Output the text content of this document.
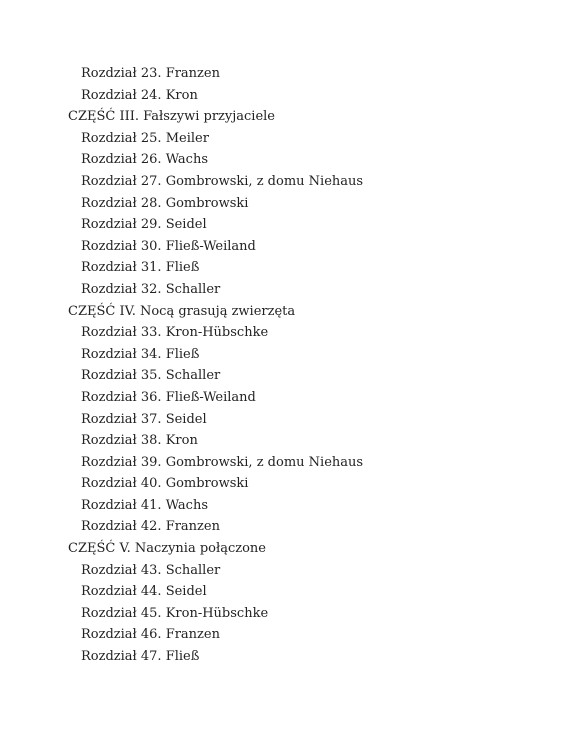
Rozdział 23. Franzen
Rozdział 24. Kron
CZĘŚĆ III. Fałszywi przyjaciele
Rozdział 25. Meiler
Rozdział 26. Wachs
Rozdział 27. Gombrowski, z domu Niehaus
Rozdział 28. Gombrowski
Rozdział 29. Seidel
Rozdział 30. Fließ-Weiland
Rozdział 31. Fließ
Rozdział 32. Schaller
CZĘŚĆ IV. Nocą grasują zwierzęta
Rozdział 33. Kron-Hübschke
Rozdział 34. Fließ
Rozdział 35. Schaller
Rozdział 36. Fließ-Weiland
Rozdział 37. Seidel
Rozdział 38. Kron
Rozdział 39. Gombrowski, z domu Niehaus
Rozdział 40. Gombrowski
Rozdział 41. Wachs
Rozdział 42. Franzen
CZĘŚĆ V. Naczynia połączone
Rozdział 43. Schaller
Rozdział 44. Seidel
Rozdział 45. Kron-Hübschke
Rozdział 46. Franzen
Rozdział 47. Fließ
